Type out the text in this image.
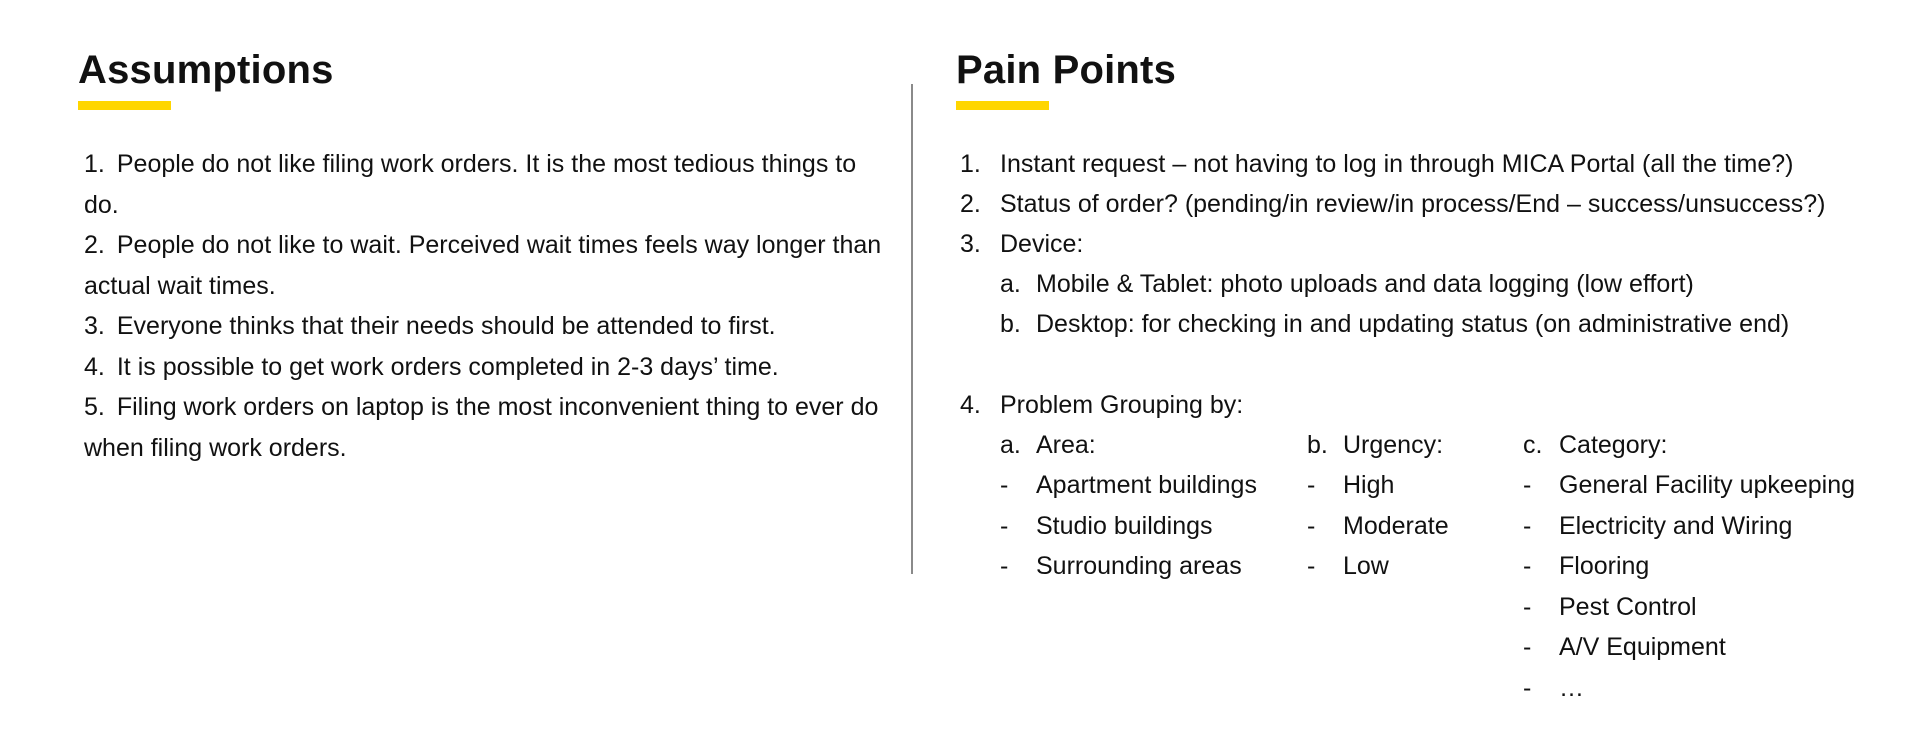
Assumptions
1. People do not like filing work orders. It is the most tedious things to do.
2. People do not like to wait. Perceived wait times feels way longer than actual wait times.
3. Everyone thinks that their needs should be attended to first.
4. It is possible to get work orders completed in 2-3 days’ time.
5. Filing work orders on laptop is the most inconvenient thing to ever do when filing work orders.
Pain Points

1. Instant request – not having to log in through MICA Portal (all the time?)

2. Status of order? (pending/in review/in process/End – success/unsuccess?)

3. Device:

a. Mobile & Tablet: photo uploads and data logging (low effort)

b. Desktop: for checking in and updating status (on administrative end)

4. Problem Grouping by:

a. Area:

- Apartment buildings
- Studio buildings
- Surrounding areas

b. Urgency:

- High
- Moderate
- Low

c. Category:

- General Facility upkeeping
- Electricity and Wiring
- Flooring
- Pest Control
- A/V Equipment
- …
